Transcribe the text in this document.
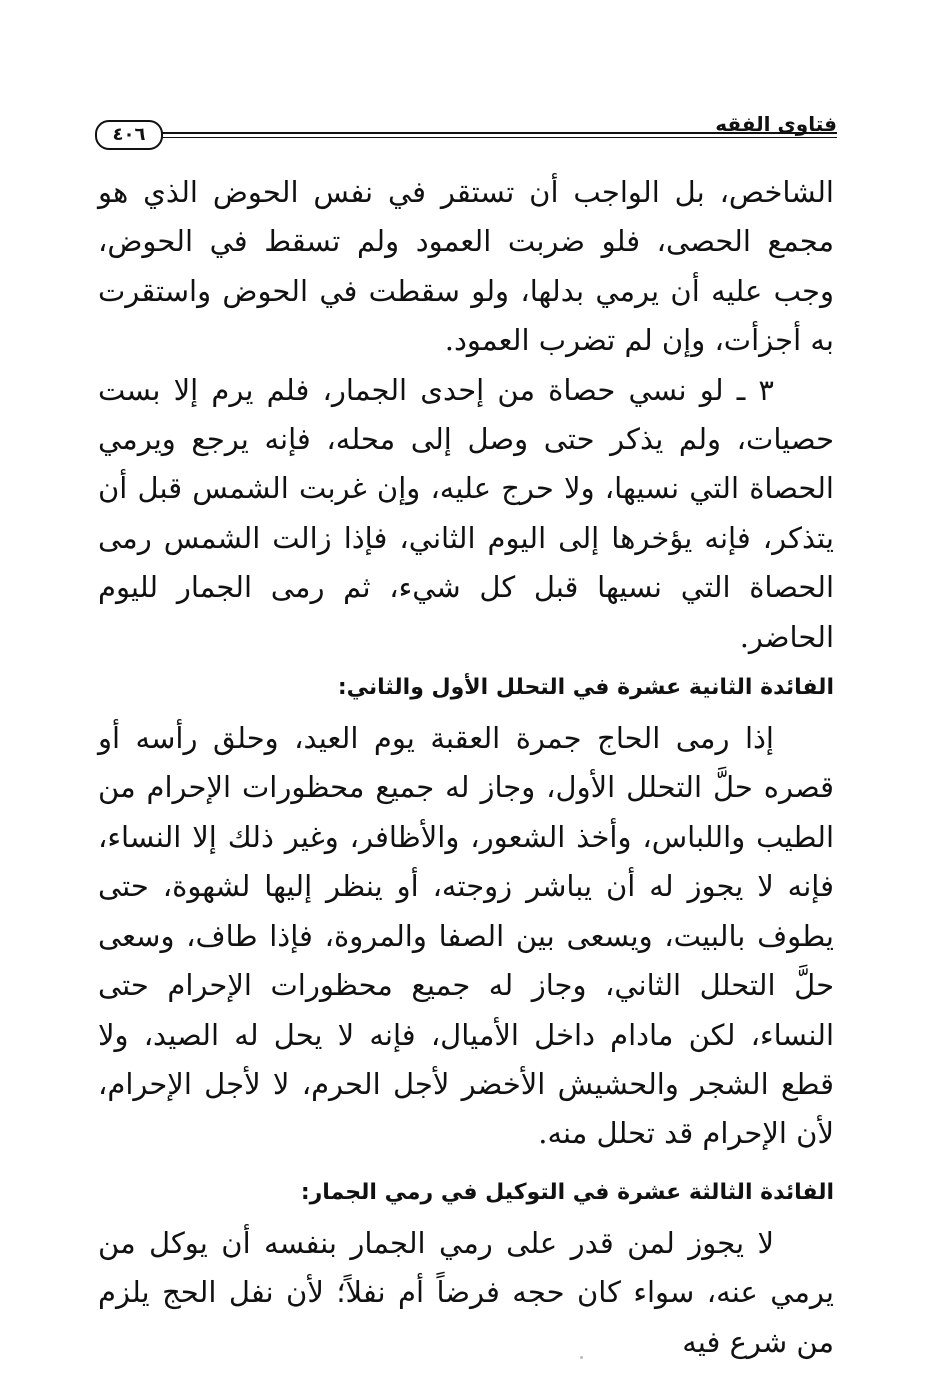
فتاوى الفقه
٤٠٦

الشاخص، بل الواجب أن تستقر في نفس الحوض الذي هو مجمع الحصى، فلو ضربت العمود ولم تسقط في الحوض، وجب عليه أن يرمي بدلها، ولو سقطت في الحوض واستقرت به أجزأت، وإن لم تضرب العمود.

٣ ـ لو نسي حصاة من إحدى الجمار، فلم يرم إلا بست حصيات، ولم يذكر حتى وصل إلى محله، فإنه يرجع ويرمي الحصاة التي نسيها، ولا حرج عليه، وإن غربت الشمس قبل أن يتذكر، فإنه يؤخرها إلى اليوم الثاني، فإذا زالت الشمس رمى الحصاة التي نسيها قبل كل شيء، ثم رمى الجمار لليوم الحاضر.

الفائدة الثانية عشرة في التحلل الأول والثاني:

إذا رمى الحاج جمرة العقبة يوم العيد، وحلق رأسه أو قصره حلَّ التحلل الأول، وجاز له جميع محظورات الإحرام من الطيب واللباس، وأخذ الشعور، والأظافر، وغير ذلك إلا النساء، فإنه لا يجوز له أن يباشر زوجته، أو ينظر إليها لشهوة، حتى يطوف بالبيت، ويسعى بين الصفا والمروة، فإذا طاف، وسعى حلَّ التحلل الثاني، وجاز له جميع محظورات الإحرام حتى النساء، لكن مادام داخل الأميال، فإنه لا يحل له الصيد، ولا قطع الشجر والحشيش الأخضر لأجل الحرم، لا لأجل الإحرام، لأن الإحرام قد تحلل منه.

الفائدة الثالثة عشرة في التوكيل في رمي الجمار:

لا يجوز لمن قدر على رمي الجمار بنفسه أن يوكل من يرمي عنه، سواء كان حجه فرضاً أم نفلاً؛ لأن نفل الحج يلزم من شرع فيه
